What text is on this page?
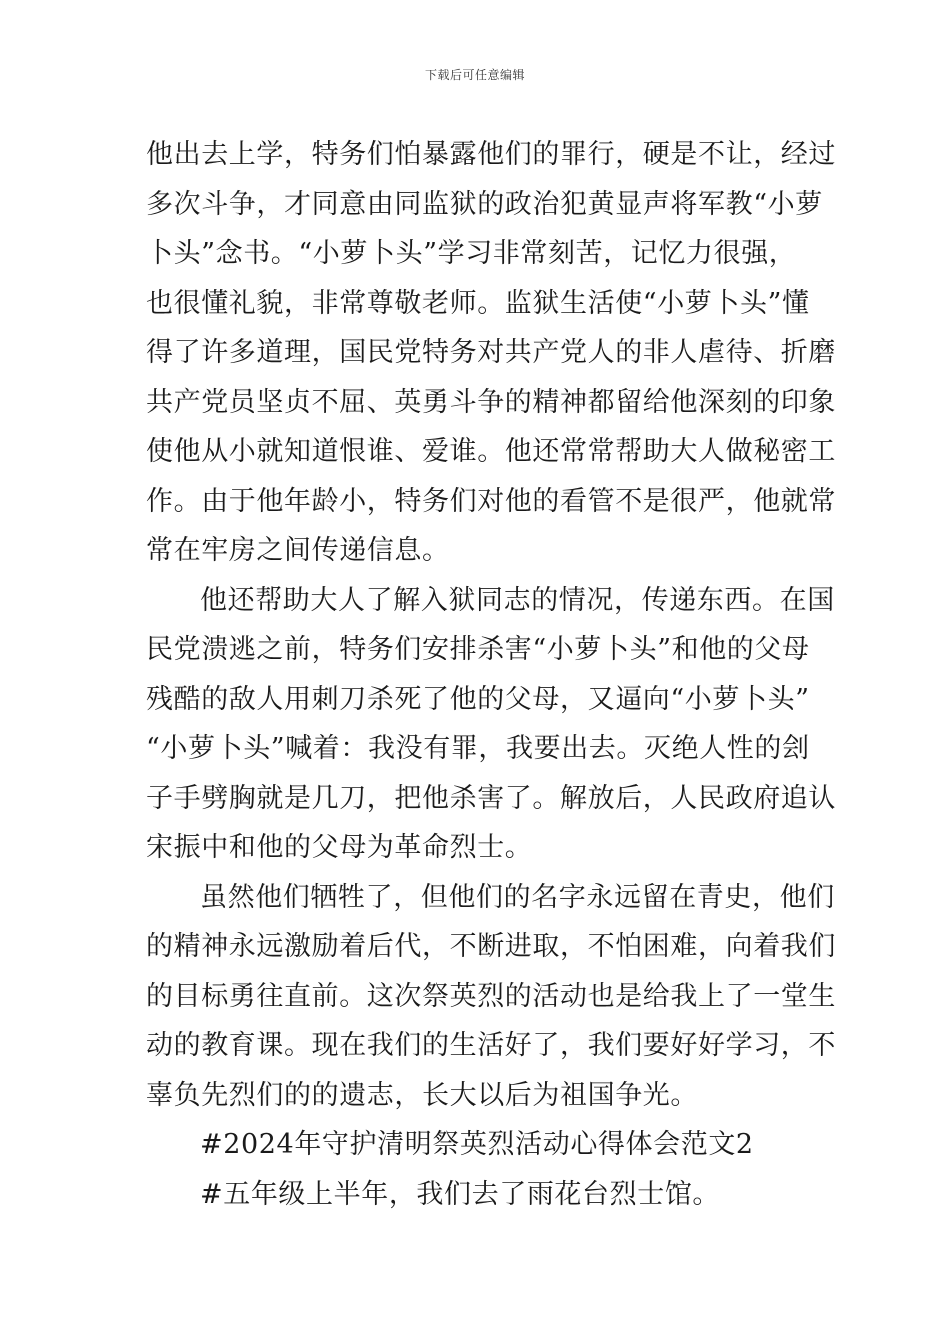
下载后可任意编辑
他出去上学，特务们怕暴露他们的罪行，硬是不让，经过
多次斗争，才同意由同监狱的政治犯黄显声将军教“小萝
卜头”念书。“小萝卜头”学习非常刻苦，记忆力很强，
也很懂礼貌，非常尊敬老师。监狱生活使“小萝卜头”懂
得了许多道理，国民党特务对共产党人的非人虐待、折磨
共产党员坚贞不屈、英勇斗争的精神都留给他深刻的印象
使他从小就知道恨谁、爱谁。他还常常帮助大人做秘密工
作。由于他年龄小，特务们对他的看管不是很严，他就常
常在牢房之间传递信息。
他还帮助大人了解入狱同志的情况，传递东西。在国
民党溃逃之前，特务们安排杀害“小萝卜头”和他的父母
残酷的敌人用刺刀杀死了他的父母，又逼向“小萝卜头”
“小萝卜头”喊着：我没有罪，我要出去。灭绝人性的刽
子手劈胸就是几刀，把他杀害了。解放后，人民政府追认
宋振中和他的父母为革命烈士。
虽然他们牺牲了，但他们的名字永远留在青史，他们
的精神永远激励着后代，不断进取，不怕困难，向着我们
的目标勇往直前。这次祭英烈的活动也是给我上了一堂生
动的教育课。现在我们的生活好了，我们要好好学习，不
辜负先烈们的的遗志，长大以后为祖国争光。
#2024年守护清明祭英烈活动心得体会范文2
#五年级上半年，我们去了雨花台烈士馆。
